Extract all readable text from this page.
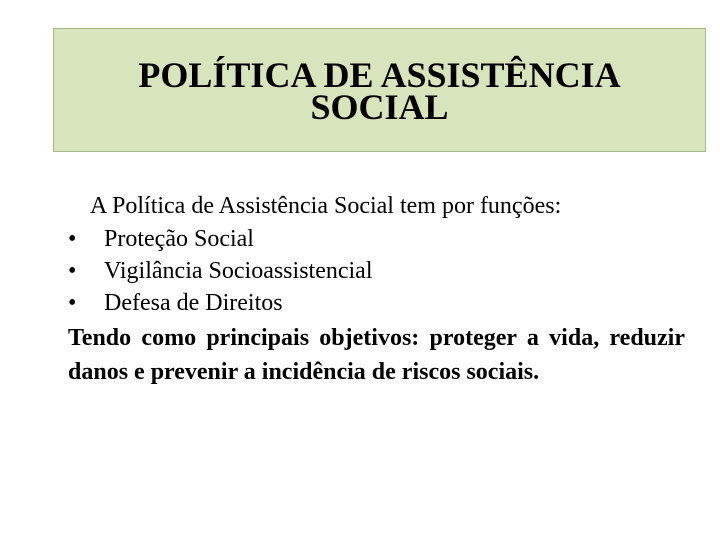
POLÍTICA DE ASSISTÊNCIA
SOCIAL
A Política de Assistência Social tem por funções:
•	Proteção Social
•	Vigilância Socioassistencial
•	Defesa de Direitos

Tendo como principais objetivos: proteger a vida, reduzir danos e prevenir a incidência de riscos sociais.
